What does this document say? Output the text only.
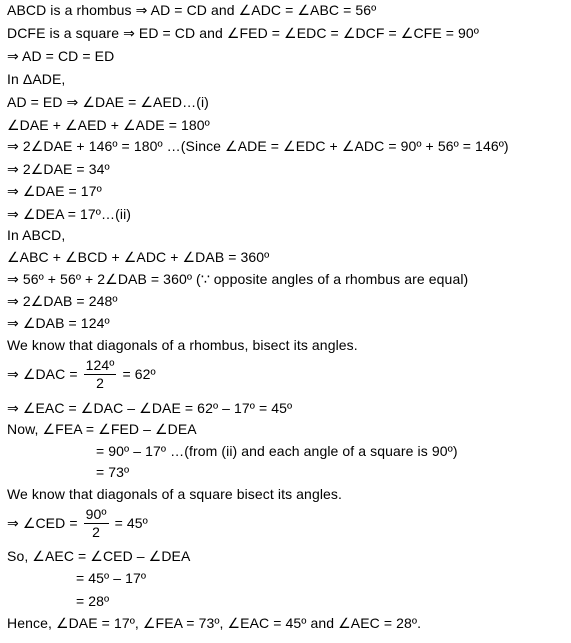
ABCD is a rhombus ⇒ AD = CD and ∠ADC = ∠ABC = 56º
DCFE is a square ⇒ ED = CD and ∠FED = ∠EDC = ∠DCF = ∠CFE = 90º
⇒ AD = CD = ED
In ΔADE,
AD = ED ⇒ ∠DAE = ∠AED…(i)
∠DAE + ∠AED + ∠ADE = 180º
⇒ 2∠DAE + 146º = 180º …(Since ∠ADE = ∠EDC + ∠ADC = 90º + 56º = 146º)
⇒ 2∠DAE = 34º
⇒ ∠DAE = 17º
⇒ ∠DEA = 17º…(ii)
In ABCD,
∠ABC + ∠BCD + ∠ADC + ∠DAB = 360º
⇒ 56º + 56º + 2∠DAB = 360º (∵ opposite angles of a rhombus are equal)
⇒ 2∠DAB = 248º
⇒ ∠DAB = 124º
We know that diagonals of a rhombus, bisect its angles.
⇒ ∠DAC = $\frac{\text{124º}}{2}$ = 62º
⇒ ∠EAC = ∠DAC – ∠DAE = 62º – 17º = 45º
Now, ∠FEA = ∠FED – ∠DEA
= 90º – 17º …(from (ii) and each angle of a square is 90º)
= 73º
We know that diagonals of a square bisect its angles.
⇒ ∠CED = $\frac{\text{90º}}{2}$ = 45º
So, ∠AEC = ∠CED – ∠DEA
= 45º – 17º
= 28º
Hence, ∠DAE = 17º, ∠FEA = 73º, ∠EAC = 45º and ∠AEC = 28º.
